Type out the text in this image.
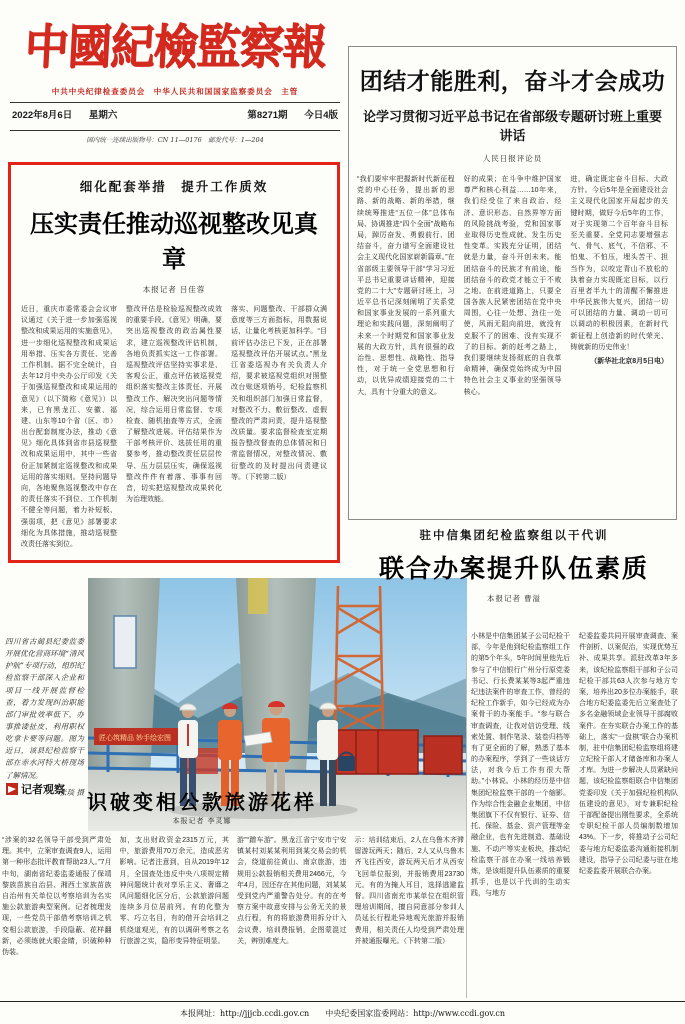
中國紀檢監察報
中共中央纪律检查委员会　中华人民共和国国家监察委员会　主管
2022年8月6日 星期六	第8271期 今日4版
国内统一连续出版物号：CN 11—0176　邮发代号：1—204
团结才能胜利，奋斗才会成功
论学习贯彻习近平总书记在省部级专题研讨班上重要讲话
人民日报评论员
“我们要牢牢把握新时代新征程党的中心任务，提出新的思路、新的战略、新的举措，继续统筹推进“五位一体”总体布局、协调推进“四个全面”战略布局，踔厉奋发、勇毅前行、团结奋斗，奋力谱写全面建设社会主义现代化国家崭新篇章。”在省部级主要领导干部“学习习近平总书记重要讲话精神，迎接党的二十大”专题研讨班上，习近平总书记深刻阐明了关系党和国家事业发展的一系列重大理论和实践问题，深刻阐明了未来一个时期党和国家事业发展的大政方针，具有很强的政治性、思想性、战略性、指导性，对于统一全党思想和行动，以优异成绩迎接党的二十大，具有十分重大的意义。
好的成果；在斗争中维护国家尊严和核心利益……10年来，我们经受住了来自政治、经济、意识形态、自然界等方面的风险挑战考验，党和国家事业取得历史性成就、发生历史性变革。实践充分证明，团结就是力量，奋斗开创未来。能团结奋斗的民族才有前途，能团结奋斗的政党才能立于不败之地。在前进道路上，只要全国各族人民紧密团结在党中央周围，心往一处想、劲往一处使，风雨无阻向前进，就没有克服不了的困难、没有实现不了的目标。新的赶考之路上，我们要继续发扬彻底的自我革命精神，确保党始终成为中国特色社会主义事业的坚强领导核心。
进，确定既定奋斗目标、大政方针。今后5年是全面建设社会主义现代化国家开局起步的关键时期，做好今后5年的工作，对于实现第二个百年奋斗目标至关重要。全党同志要增强志气、骨气、底气，不信邪、不怕鬼、不怕压，埋头苦干、担当作为，以咬定青山不放松的执着奋力实现既定目标，以行百里者半九十的清醒不懈推进中华民族伟大复兴，团结一切可以团结的力量、调动一切可以调动的积极因素，在新时代新征程上创造新的时代荣光、铸就新的历史伟业！
（新华社北京8月5日电）
细化配套举措　提升工作质效
压实责任推动巡视整改见真章
本报记者 吕佳蓉
近日，重庆市委常委会会议审议通过《关于进一步加强巡视整改和成果运用的实施意见》，进一步细化巡视整改和成果运用举措、压实各方责任、完善工作机制。据不完全统计，自去年12月中央办公厅印发《关于加强巡视整改和成果运用的意见》（以下简称《意见》）以来，已有黑龙江、安徽、福建、山东等10个省（区、市）出台配套制度办法，推动《意见》细化具体到省市县巡视整改和成果运用中，其中一些省份正加紧制定巡视整改和成果运用的落实细则。坚持问题导向，各地聚焦巡视整改中存在的责任落实不到位、工作机制不健全等问题，着力补短板、强弱项，把《意见》部署要求细化为具体措施，推动巡视整改责任落实到位。
整改评估是检验巡视整改成效的重要手段。《意见》明确，要突出巡视整改的政治属性要求，建立巡视整改评估机制，各地负责抓实这一工作部署。巡视整改评估坚持实事求是、客观公正，重点评估被巡视党组织落实整改主体责任、开展整改工作、解决突出问题等情况，综合运用日常监督、专项检查、随机抽查等方式，全面了解整改进展。评估结果作为干部考核评价、选拔任用的重要参考，推动整改责任层层传导、压力层层压实，确保巡视整改件件有着落、事事有回音，切实把巡视整改成果转化为治理效能。
落实、问题整改、干部群众满意度等三方面指标，用数据说话，让量化考核更加科学。“目前评估办法已下发，正在部署巡视整改评估开展试点。”黑龙江省委巡视办有关负责人介绍，要求被巡视党组织对照整改台账逐项销号，纪检监察机关和组织部门加强日常监督，对整改不力、敷衍整改、虚假整改的严肃问责，提升巡视整改质量。要求监督检查室定期报告整改督查的总体情况和日常监督情况，对整改情况、敷衍整改的及时提出问责建议等。（下转第二版）
四川省古蔺县纪委监委开展优化营商环境“清风护航”专项行动，组织纪检监察干部深入企业和项目一线开展监督检查，着力发现纠治职能部门审批效率低下、办事推诿扯皮、利用职权吃拿卡要等问题。图为近日，该县纪检监察干部在赤水河特大桥现场了解情况。
张琰 摄
匠心筑精品 妙手绘宏图
驻中信集团纪检监察组以干代训
联合办案提升队伍素质
本报记者 曹溢
小林是中信集团某子公司纪检干部，今年是他到纪检监察组工作的第5个年头，5年时间里他先后参与了中信银行广州分行原党委书记、行长费某某等3起严重违纪违法案件的审查工作，曾经的纪检工作新手，如今已经成为办案骨干的办案能手。“参与联合审查调查，让我对信访受理、线索处置、制作笔录、装卷归档等有了更全面的了解，熟悉了基本的办案程序，学到了一些谈话方法，对我今后工作有很大帮助。”小林说。小林的经历是中信集团纪检监察干部的一个缩影。作为综合性金融企业集团，中信集团旗下不仅有银行、证券、信托、保险、基金、资产管理等金融企业，也有先进制造、基础设施、不动产等实业板块，推动纪检监察干部在办案一线培养锻炼，是该组提升队伍素质的重要抓手，也是以干代训的生动实践，与地方
纪委监委共同开展审查调查、案件剖析、以案促治，实现优势互补、成果共享。派驻改革3年多来，该纪检监察组干部和子公司纪检干部共63人次参与地方专案，培养出20多位办案能手，联合地方纪委监委先后立案查处了多名金融领域企业领导干部腐败案件。在夯实联合办案工作的基础上，落实“一盘棋”联合办案机制，驻中信集团纪检监察组将建立纪检干部人才储备库和办案人才库。为进一步解决人员紧缺问题，该纪检监察组联合中信集团党委印发《关于加强纪检机构队伍建设的意见》，对专兼职纪检干部配备提出刚性要求，全系统专职纪检干部人员编制数增加43%。下一步，将推动子公司纪委与地方纪委监委沟通衔接机制建设，指导子公司纪委与驻在地纪委监委开展联合办案。
记者观察
识破变相公款旅游花样
本报记者 李灵娜
“涉案的32名领导干部受到严肃处理。其中，立案审查调查9人，运用第一种形态批评教育帮助23人。”7月中旬，湖南省纪委监委通报了保靖黎族苗族自治县、湘西土家族苗族自治州有关单位以考察培训为名实施公款旅游典型案例。记者梳理发现，一些党员干部借考察培训之机变相公款旅游，手段隐蔽、花样翻新，必须练就火眼金睛，识破种种伪装。
加，支出财政资金2315万元，其中，旅游费用70万余元，造成恶劣影响。记者注意到，自从2019年12月，全国查处违反中央八项规定精神问题统计表对享乐主义、奢靡之风问题细化区分后，公款旅游问题连续多月位居前列。有的化整为零、巧立名目，有的借开会培训之机绕道观光，有的以调研考察之名行旅游之实，隐形变异特征明显。
游”“蹭车游”。黑龙江省宁安市宁安镇某村刘某某利用到某交易会的机会，绕道前往黄山、南京旅游，违规用公款报销相关费用2466元，今年4月，因还存在其他问题，刘某某受到党内严重警告处分。有的在考察方案中故意安排与公务无关的景点行程，有的将旅游费用拆分计入会议费、培训费报销，企图蒙混过关，辨别难度大。
示：培训结束后，2人在乌鲁木齐滞留游玩两天；随后，2人又从乌鲁木齐飞往西安，游玩两天后才从西安飞回单位报到，并报销费用23730元。有的为掩人耳目，选择逃避监督。四川省南充市某单位在组织管理培训期间，擅自同意部分参训人员延长行程赴异地观光旅游并报销费用，相关责任人均受到严肃处理并被通报曝光。（下转第二版）
本报网址：http://jjjcb.ccdi.gov.cn　　中央纪委国家监委网站：http://www.ccdi.gov.cn
